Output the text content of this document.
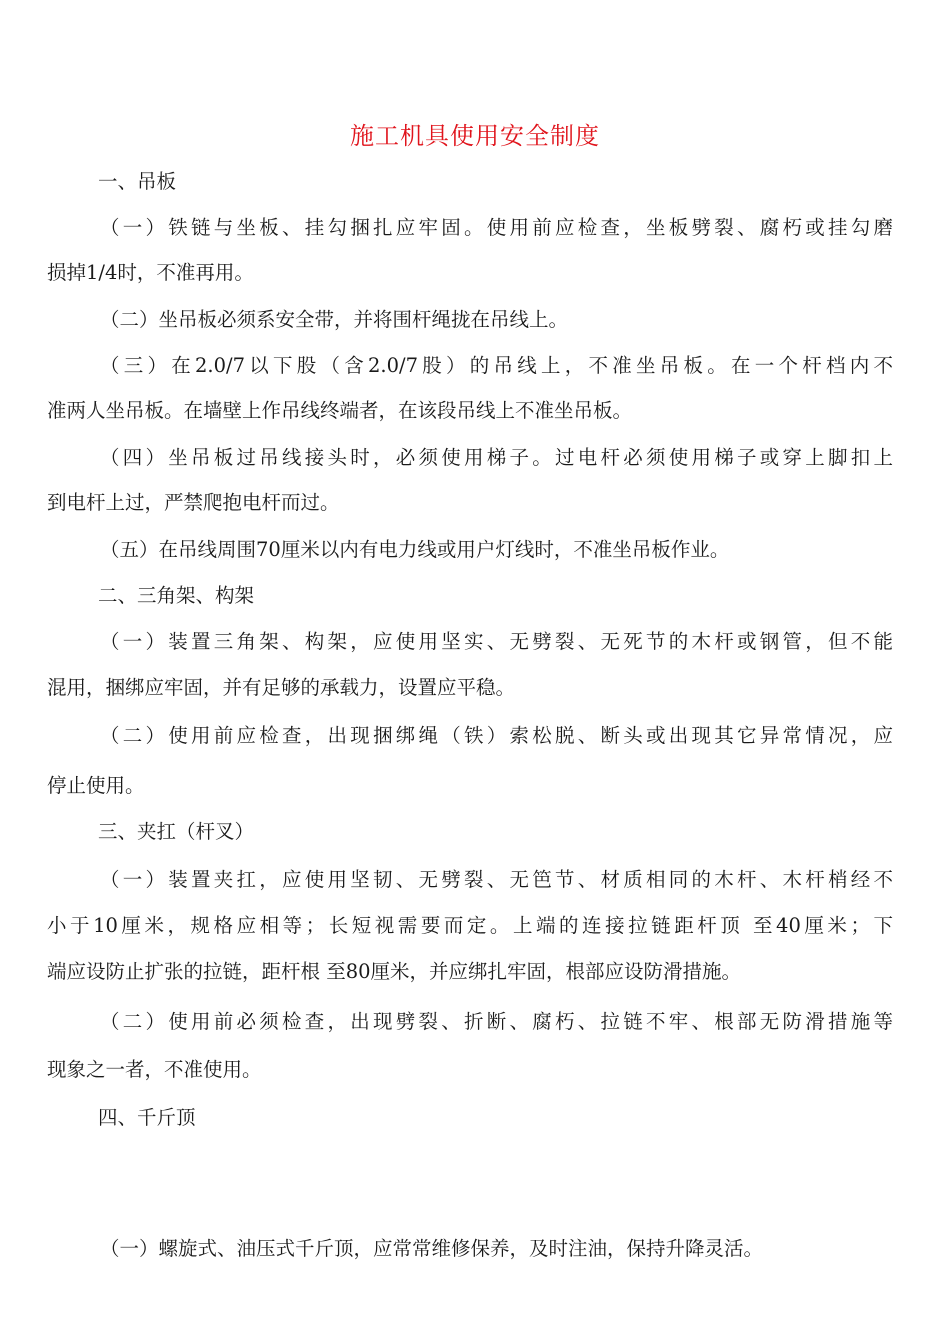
施工机具使用安全制度
一、吊板
（一）铁链与坐板、挂勾捆扎应牢固。使用前应检查，坐板劈裂、腐朽或挂勾磨
损掉1/4时，不准再用。
（二）坐吊板必须系安全带，并将围杆绳拢在吊线上。
（三）在2.0/7以下股（含2.0/7股）的吊线上，不准坐吊板。在一个杆档内不
准两人坐吊板。在墙壁上作吊线终端者，在该段吊线上不准坐吊板。
（四）坐吊板过吊线接头时，必须使用梯子。过电杆必须使用梯子或穿上脚扣上
到电杆上过，严禁爬抱电杆而过。
（五）在吊线周围70厘米以内有电力线或用户灯线时，不准坐吊板作业。
二、三角架、构架
（一）装置三角架、构架，应使用坚实、无劈裂、无死节的木杆或钢管，但不能
混用，捆绑应牢固，并有足够的承载力，设置应平稳。
（二）使用前应检查，出现捆绑绳（铁）索松脱、断头或出现其它异常情况，应
停止使用。
三、夹扛（杆叉）
（一）装置夹扛，应使用坚韧、无劈裂、无笆节、材质相同的木杆、木杆梢经不
小于10厘米，规格应相等；长短视需要而定。上端的连接拉链距杆顶 至40厘米；下
端应设防止扩张的拉链，距杆根 至80厘米，并应绑扎牢固，根部应设防滑措施。
（二）使用前必须检查，出现劈裂、折断、腐朽、拉链不牢、根部无防滑措施等
现象之一者，不准使用。
四、千斤顶
（一）螺旋式、油压式千斤顶，应常常维修保养，及时注油，保持升降灵活。
